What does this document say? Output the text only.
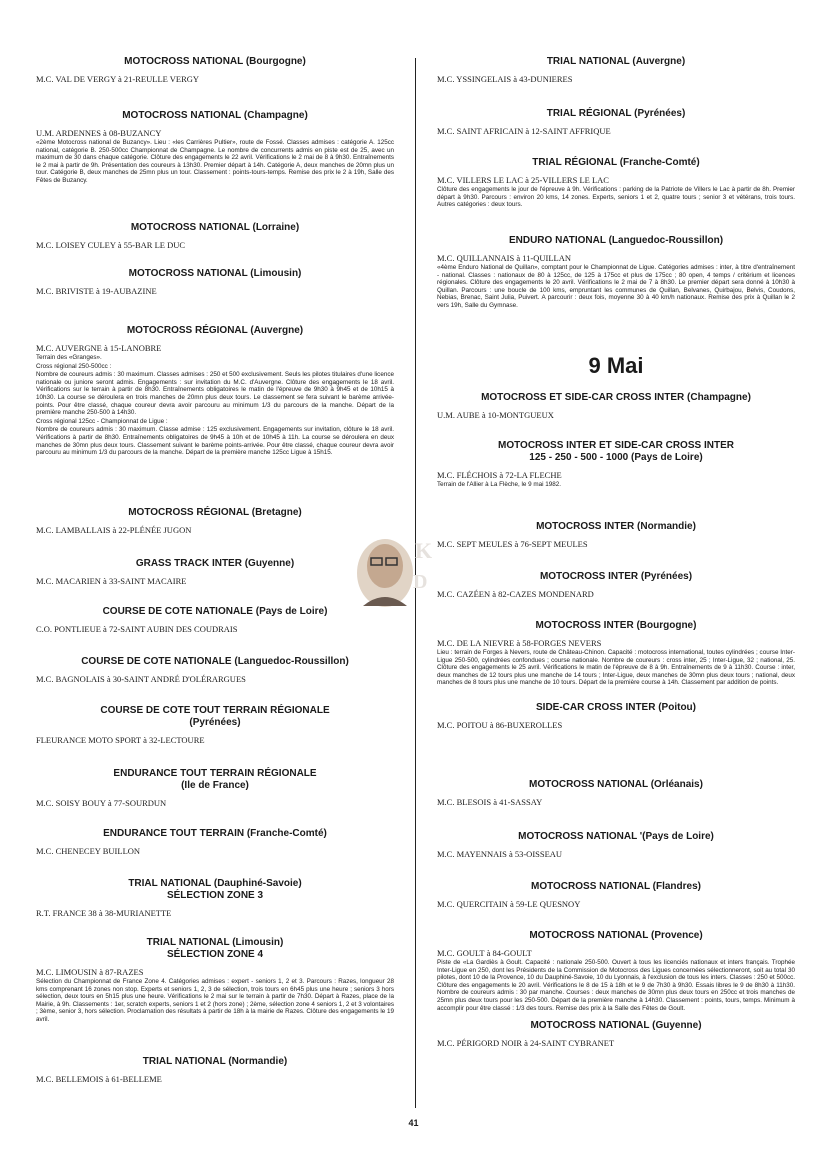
MOTOCROSS NATIONAL (Bourgogne)
M.C. VAL DE VERGY à 21-REULLE VERGY
MOTOCROSS NATIONAL (Champagne)
U.M. ARDENNES à 08-BUZANCY
«2ème Motocross national de Buzancy». Lieu : «les Carrières Pultier», route de Fossé. Classes admises : catégorie A. 125cc national, catégorie B. 250-500cc Championnat de Champagne. Le nombre de concurrents admis en piste est de 25, avec un maximum de 30 dans chaque catégorie. Clôture des engagements le 22 avril. Vérifications le 2 mai de 8 à 9h30. Entraînements le 2 mai à partir de 9h. Présentation des coureurs à 13h30. Premier départ à 14h. Catégorie A, deux manches de 20mn plus un tour. Catégorie B, deux manches de 25mn plus un tour. Classement : points-tours-temps. Remise des prix le 2 à 19h, Salle des Fêtes de Buzancy.
MOTOCROSS NATIONAL (Lorraine)
M.C. LOISEY CULEY à 55-BAR LE DUC
MOTOCROSS NATIONAL (Limousin)
M.C. BRIVISTE à 19-AUBAZINE
MOTOCROSS RÉGIONAL (Auvergne)
M.C. AUVERGNE à 15-LANOBRE
Terrain des «Granges».
Cross régional 250-500cc :
Nombre de coureurs admis : 30 maximum. Classes admises : 250 et 500 exclusivement. Seuls les pilotes titulaires d'une licence nationale ou juniore seront admis. Engagements : sur invitation du M.C. d'Auvergne. Clôture des engagements le 18 avril. Vérifications sur le terrain à partir de 8h30. Entraînements obligatoires le matin de l'épreuve de 9h30 à 9h45 et de 10h15 à 10h30. La course se déroulera en trois manches de 20mn plus deux tours. Le classement se fera suivant le barème arrivée-points. Pour être classé, chaque coureur devra avoir parcouru au minimum 1/3 du parcours de la manche. Départ de la première manche 250-500 à 14h30.
Cross régional 125cc - Championnat de Ligue :
Nombre de coureurs admis : 30 maximum. Classe admise : 125 exclusivement. Engagements sur invitation, clôture le 18 avril. Vérifications à partir de 8h30. Entraînements obligatoires de 9h45 à 10h et de 10h45 à 11h. La course se déroulera en deux manches de 30mn plus deux tours. Classement suivant le barème points-arrivée. Pour être classé, chaque coureur devra avoir parcouru au minimum 1/3 du parcours de la manche. Départ de la première manche 125cc Ligue à 15h15.
MOTOCROSS RÉGIONAL (Bretagne)
M.C. LAMBALLAIS à 22-PLÉNÉE JUGON
GRASS TRACK INTER (Guyenne)
M.C. MACARIEN à 33-SAINT MACAIRE
COURSE DE COTE NATIONALE (Pays de Loire)
C.O. PONTLIEUE à 72-SAINT AUBIN DES COUDRAIS
COURSE DE COTE NATIONALE (Languedoc-Roussillon)
M.C. BAGNOLAIS à 30-SAINT ANDRÉ D'OLÉRARGUES
COURSE DE COTE TOUT TERRAIN RÉGIONALE
(Pyrénées)
FLEURANCE MOTO SPORT à 32-LECTOURE
ENDURANCE TOUT TERRAIN RÉGIONALE
(Ile de France)
M.C. SOISY BOUY à 77-SOURDUN
ENDURANCE TOUT TERRAIN (Franche-Comté)
M.C. CHENECEY BUILLON
TRIAL NATIONAL (Dauphiné-Savoie)
SÉLECTION ZONE 3
R.T. FRANCE 38 à 38-MURIANETTE
TRIAL NATIONAL (Limousin)
SÉLECTION ZONE 4
M.C. LIMOUSIN à 87-RAZES
Sélection du Championnat de France Zone 4. Catégories admises : expert - seniors 1, 2 et 3. Parcours : Razes, longueur 28 kms comprenant 16 zones non stop. Experts et seniors 1, 2, 3 de sélection, trois tours en 6h45 plus une heure ; seniors 3 hors sélection, deux tours en 5h15 plus une heure. Vérifications le 2 mai sur le terrain à partir de 7h30. Départ à Razes, place de la Mairie, à 9h. Classements : 1er, scratch experts, seniors 1 et 2 (hors zone) ; 2ème, sélection zone 4 seniors 1, 2 et 3 volontaires ; 3ème, senior 3, hors sélection. Proclamation des résultats à partir de 18h à la mairie de Razes. Clôture des engagements le 19 avril.
TRIAL NATIONAL (Normandie)
M.C. BELLEMOIS à 61-BELLEME
9 Mai
TRIAL NATIONAL (Auvergne)
M.C. YSSINGELAIS à 43-DUNIERES
TRIAL RÉGIONAL (Pyrénées)
M.C. SAINT AFRICAIN à 12-SAINT AFFRIQUE
TRIAL RÉGIONAL (Franche-Comté)
M.C. VILLERS LE LAC à 25-VILLERS LE LAC
Clôture des engagements le jour de l'épreuve à 9h. Vérifications : parking de la Patriote de Villers le Lac à partir de 8h. Premier départ à 9h30. Parcours : environ 20 kms, 14 zones. Experts, seniors 1 et 2, quatre tours ; senior 3 et vétérans, trois tours. Autres catégories : deux tours.
ENDURO NATIONAL (Languedoc-Roussillon)
M.C. QUILLANNAIS à 11-QUILLAN
«4ème Enduro National de Quillan», comptant pour le Championnat de Ligue. Catégories admises : inter, à titre d'entraînement - national. Classes : nationaux de 80 à 125cc, de 125 à 175cc et plus de 175cc ; 80 open, 4 temps / critérium et licences régionales. Clôture des engagements le 20 avril. Vérifications le 2 mai de 7 à 8h30. Le premier départ sera donné à 10h30 à Quillan. Parcours : une boucle de 100 kms, empruntant les communes de Quillan, Belvanes, Quirbajou, Belvis, Coudons, Nebias, Brenac, Saint Julia, Puivert. A parcourir : deux fois, moyenne 30 à 40 km/h nationaux. Remise des prix à Quillan le 2 vers 19h, Salle du Gymnase.
MOTOCROSS ET SIDE-CAR CROSS INTER (Champagne)
U.M. AUBE à 10-MONTGUEUX
MOTOCROSS INTER ET SIDE-CAR CROSS INTER
125 - 250 - 500 - 1000 (Pays de Loire)
M.C. FLÉCHOIS à 72-LA FLECHE
Terrain de l'Allier à La Flèche, le 9 mai 1982.
MOTOCROSS INTER (Normandie)
M.C. SEPT MEULES à 76-SEPT MEULES
MOTOCROSS INTER (Pyrénées)
M.C. CAZÉEN à 82-CAZES MONDENARD
MOTOCROSS INTER (Bourgogne)
M.C. DE LA NIEVRE à 58-FORGES NEVERS
Lieu : terrain de Forges à Nevers, route de Château-Chinon. Capacité : motocross international, toutes cylindrées ; course Inter-Ligue 250-500, cylindrées confondues ; course nationale. Nombre de coureurs : cross inter, 25 ; Inter-Ligue, 32 ; national, 25. Clôture des engagements le 25 avril. Vérifications le matin de l'épreuve de 8 à 9h. Entraînements de 9 à 11h30. Course : inter, deux manches de 12 tours plus une manche de 14 tours ; Inter-Ligue, deux manches de 30mn plus deux tours ; national, deux manches de 8 tours plus une manche de 10 tours. Départ de la première course à 14h. Classement par addition de points.
SIDE-CAR CROSS INTER (Poitou)
M.C. POITOU à 86-BUXEROLLES
MOTOCROSS NATIONAL (Orléanais)
M.C. BLESOIS à 41-SASSAY
MOTOCROSS NATIONAL '(Pays de Loire)
M.C. MAYENNAIS à 53-OISSEAU
MOTOCROSS NATIONAL (Flandres)
M.C. QUERCITAIN à 59-LE QUESNOY
MOTOCROSS NATIONAL (Provence)
M.C. GOULT à 84-GOULT
Piste de «La Gardiès à Goult. Capacité : nationale 250-500. Ouvert à tous les licenciés nationaux et inters français. Trophée Inter-Ligue en 250, dont les Présidents de la Commission de Motocross des Ligues concernées sélectionneront, soit au total 30 pilotes, dont 10 de la Provence, 10 du Dauphiné-Savoie, 10 du Lyonnais, à l'exclusion de tous les inters. Classes : 250 et 500cc. Clôture des engagements le 20 avril. Vérifications le 8 de 15 à 18h et le 9 de 7h30 à 9h30. Essais libres le 9 de 8h30 à 11h30. Nombre de coureurs admis : 30 par manche. Courses : deux manches de 30mn plus deux tours en 250cc et trois manches de 25mn plus deux tours pour les 250-500. Départ de la première manche à 14h30. Classement : points, tours, temps. Minimum à accomplir pour être classé : 1/3 des tours. Remise des prix à la Salle des Fêtes de Goult.
MOTOCROSS NATIONAL (Guyenne)
M.C. PÉRIGORD NOIR à 24-SAINT CYBRANET
K
D
41
